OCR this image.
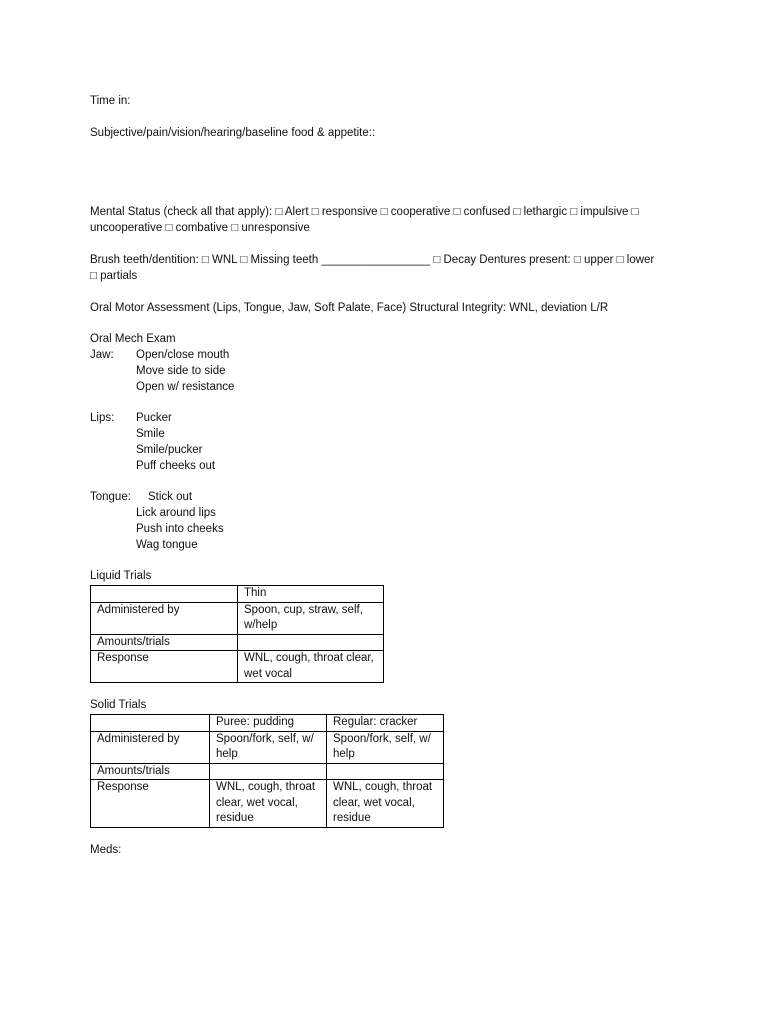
Time in:
Subjective/pain/vision/hearing/baseline food & appetite::
Mental Status (check all that apply): □ Alert □ responsive □ cooperative □ confused □ lethargic □ impulsive □
uncooperative □ combative □ unresponsive
Brush teeth/dentition: □ WNL □ Missing teeth _________________ □ Decay Dentures present: □ upper □ lower
□ partials
Oral Motor Assessment (Lips, Tongue, Jaw, Soft Palate, Face) Structural Integrity: WNL, deviation L/R
Oral Mech Exam
Jaw: Open/close mouth
Move side to side
Open w/ resistance
Lips: Pucker
Smile
Smile/pucker
Puff cheeks out
Tongue: Stick out
Lick around lips
Push into cheeks
Wag tongue
Liquid Trials
	Thin
Administered by	Spoon, cup, straw, self, w/help
Amounts/trials	
Response	WNL, cough, throat clear, wet vocal
Solid Trials
	Puree: pudding	Regular: cracker
Administered by	Spoon/fork, self, w/ help	Spoon/fork, self, w/ help
Amounts/trials		
Response	WNL, cough, throat clear, wet vocal, residue	WNL, cough, throat clear, wet vocal, residue
Meds:
